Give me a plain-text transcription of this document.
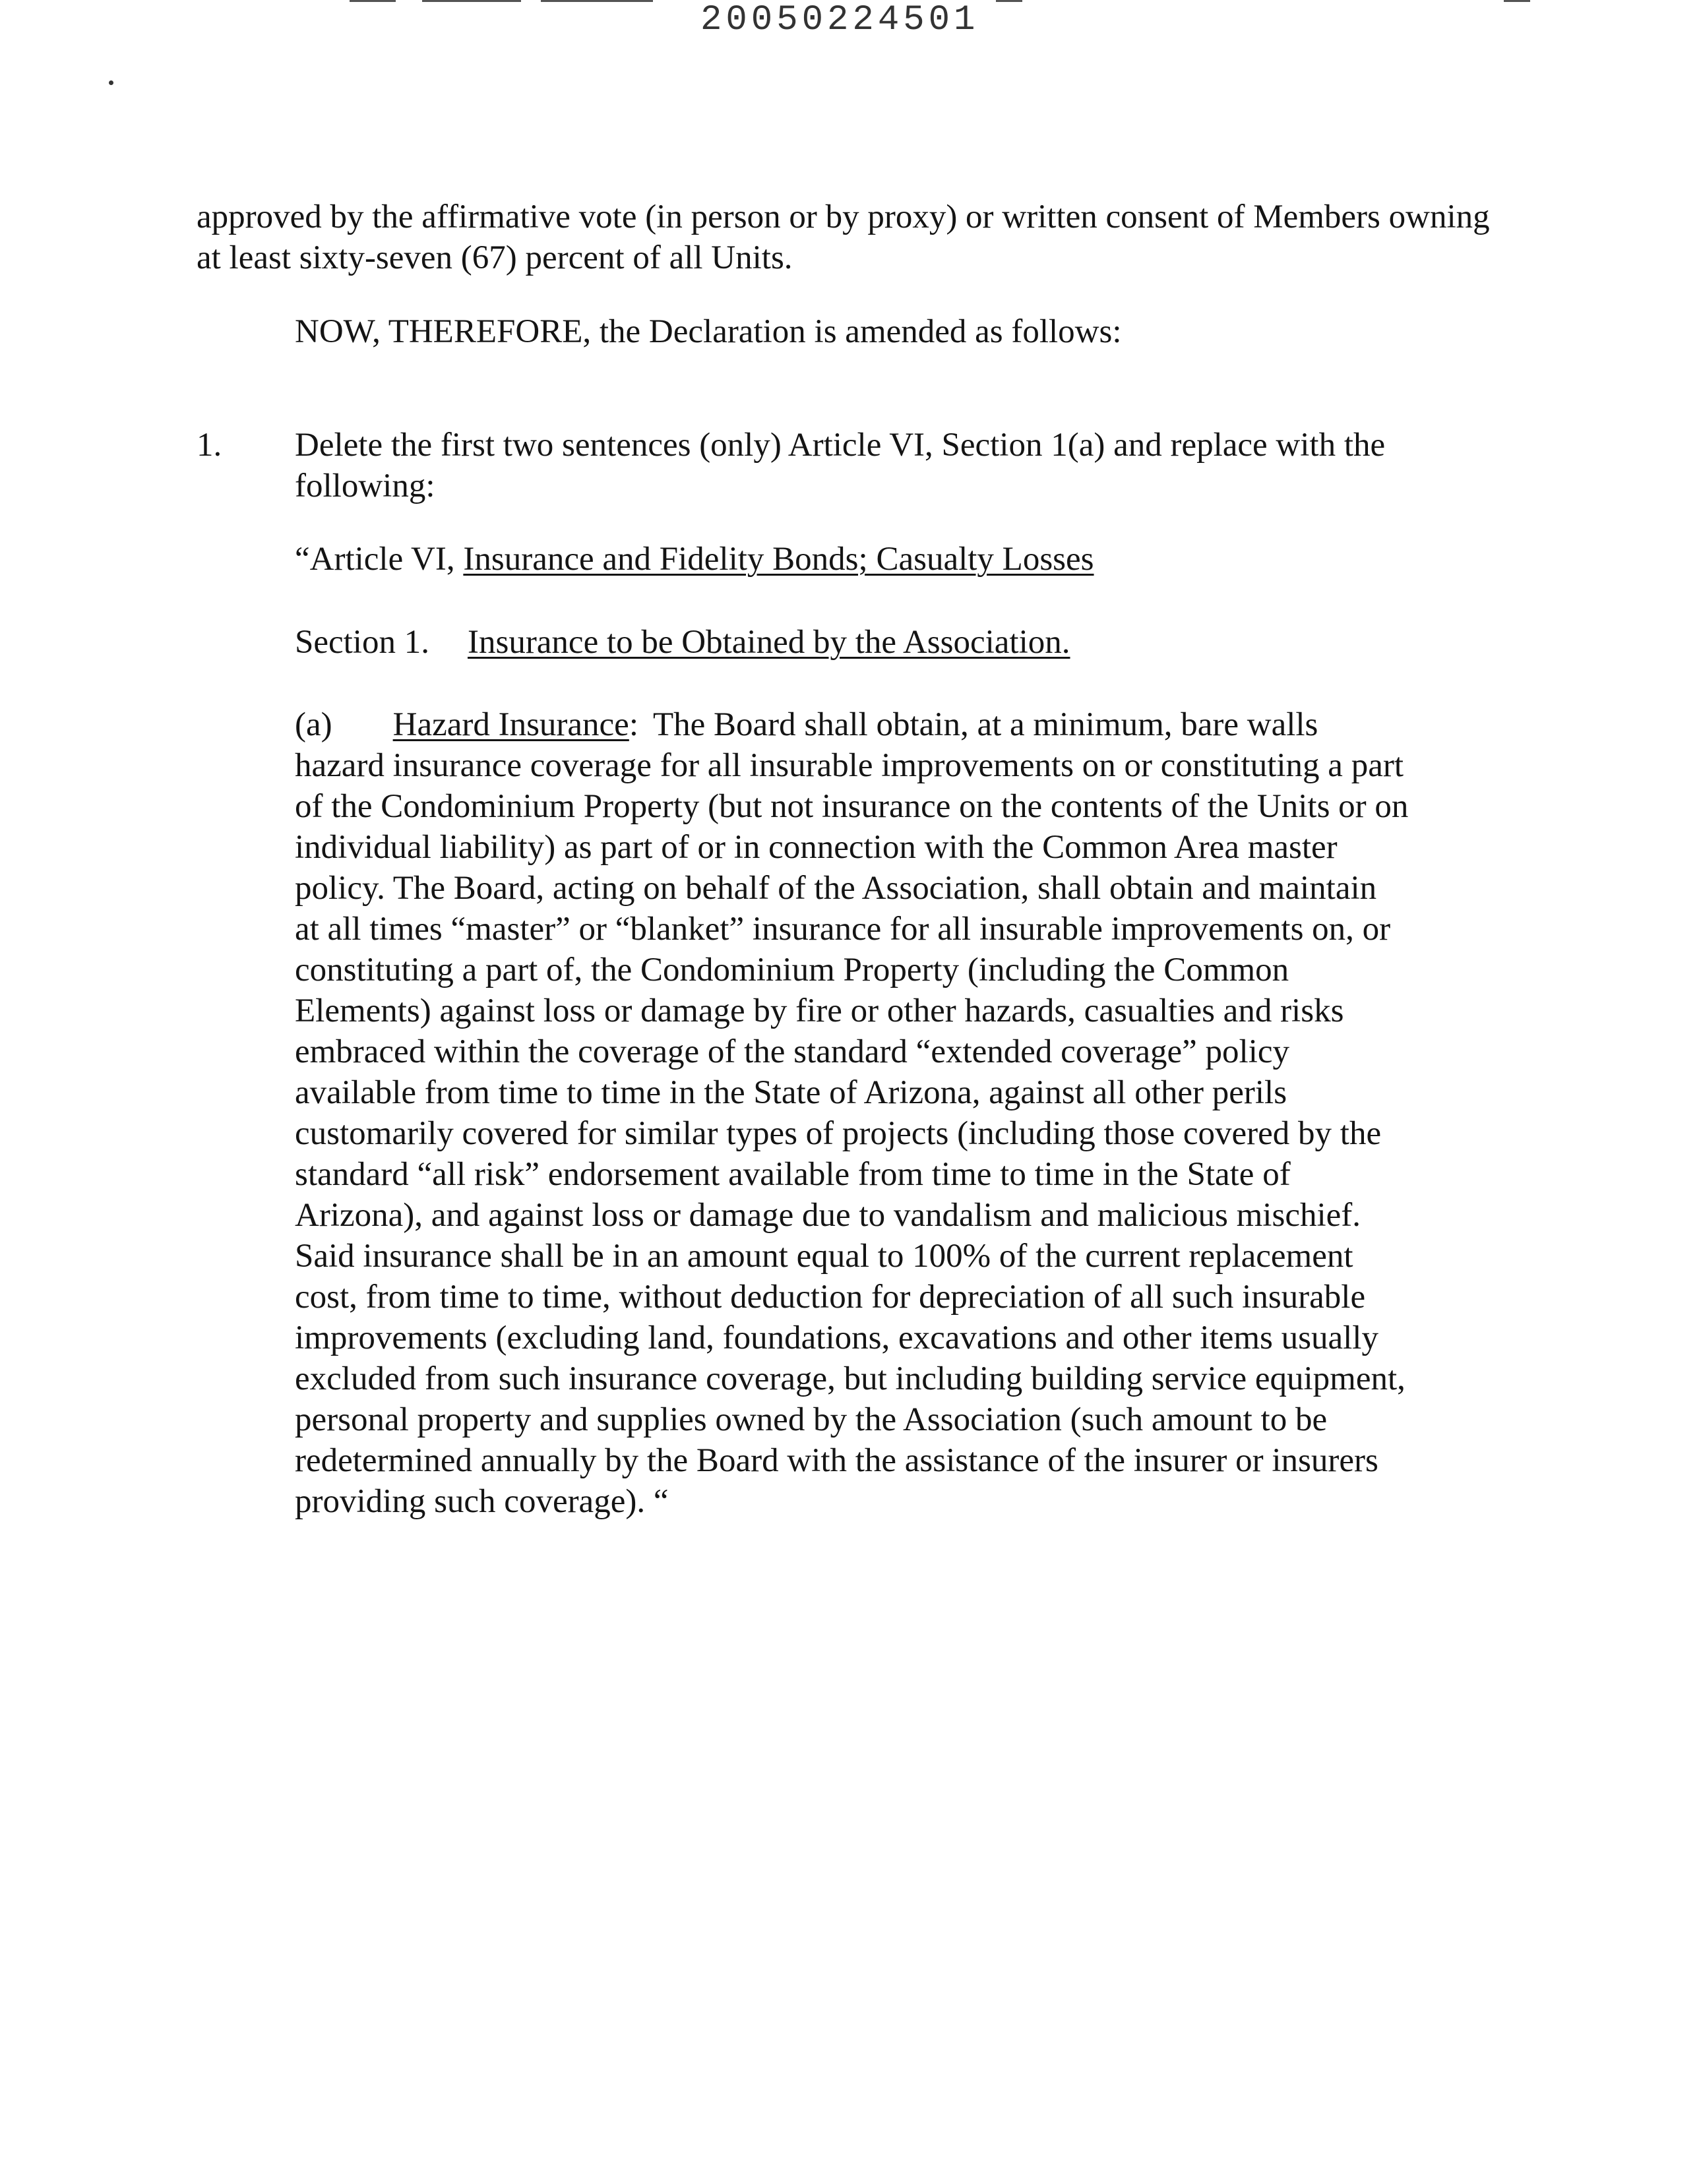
20050224501
approved by the affirmative vote (in person or by proxy) or written consent of Members owning
at least sixty-seven (67) percent of all Units.
NOW, THEREFORE, the Declaration is amended as follows:
1. Delete the first two sentences (only) Article VI, Section 1(a) and replace with the
following:
“Article VI, Insurance and Fidelity Bonds; Casualty Losses
Section 1. Insurance to be Obtained by the Association.
(a) Hazard Insurance: The Board shall obtain, at a minimum, bare walls
hazard insurance coverage for all insurable improvements on or constituting a part
of the Condominium Property (but not insurance on the contents of the Units or on
individual liability) as part of or in connection with the Common Area master
policy. The Board, acting on behalf of the Association, shall obtain and maintain
at all times “master” or “blanket” insurance for all insurable improvements on, or
constituting a part of, the Condominium Property (including the Common
Elements) against loss or damage by fire or other hazards, casualties and risks
embraced within the coverage of the standard “extended coverage” policy
available from time to time in the State of Arizona, against all other perils
customarily covered for similar types of projects (including those covered by the
standard “all risk” endorsement available from time to time in the State of
Arizona), and against loss or damage due to vandalism and malicious mischief.
Said insurance shall be in an amount equal to 100% of the current replacement
cost, from time to time, without deduction for depreciation of all such insurable
improvements (excluding land, foundations, excavations and other items usually
excluded from such insurance coverage, but including building service equipment,
personal property and supplies owned by the Association (such amount to be
redetermined annually by the Board with the assistance of the insurer or insurers
providing such coverage). “
